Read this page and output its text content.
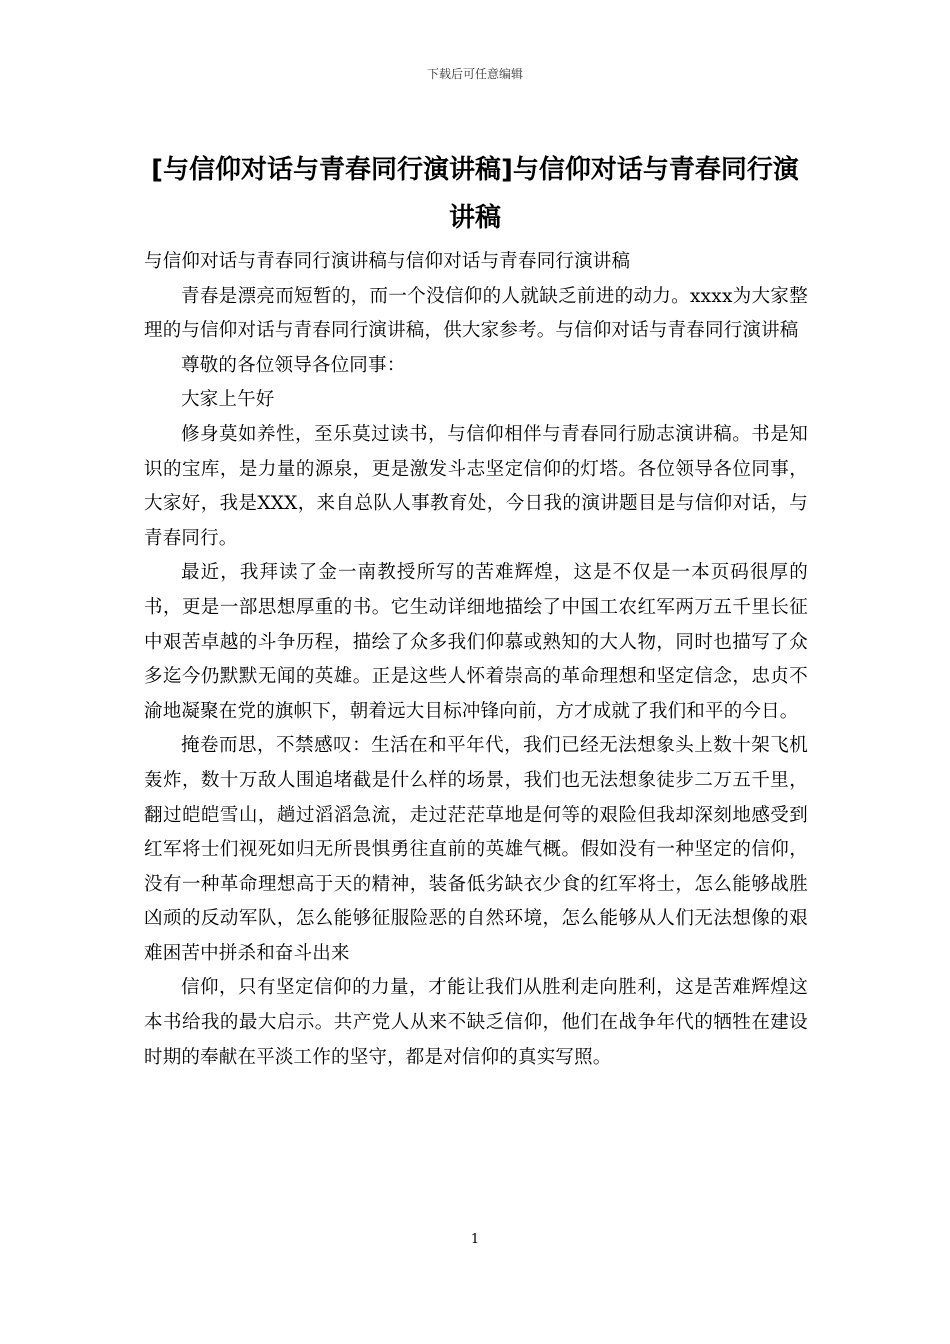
下载后可任意编辑
[与信仰对话与青春同行演讲稿]与信仰对话与青春同行演讲稿

与信仰对话与青春同行演讲稿与信仰对话与青春同行演讲稿

青春是漂亮而短暂的，而一个没信仰的人就缺乏前进的动力。xxxx为大家整理的与信仰对话与青春同行演讲稿，供大家参考。与信仰对话与青春同行演讲稿

尊敬的各位领导各位同事：

大家上午好

修身莫如养性，至乐莫过读书，与信仰相伴与青春同行励志演讲稿。书是知识的宝库，是力量的源泉，更是激发斗志坚定信仰的灯塔。各位领导各位同事，大家好，我是XXX，来自总队人事教育处，今日我的演讲题目是与信仰对话，与青春同行。

最近，我拜读了金一南教授所写的苦难辉煌，这是不仅是一本页码很厚的书，更是一部思想厚重的书。它生动详细地描绘了中国工农红军两万五千里长征中艰苦卓越的斗争历程，描绘了众多我们仰慕或熟知的大人物，同时也描写了众多迄今仍默默无闻的英雄。正是这些人怀着崇高的革命理想和坚定信念，忠贞不渝地凝聚在党的旗帜下，朝着远大目标冲锋向前，方才成就了我们和平的今日。

掩卷而思，不禁感叹：生活在和平年代，我们已经无法想象头上数十架飞机轰炸，数十万敌人围追堵截是什么样的场景，我们也无法想象徒步二万五千里，翻过皑皑雪山，趟过滔滔急流，走过茫茫草地是何等的艰险但我却深刻地感受到红军将士们视死如归无所畏惧勇往直前的英雄气概。假如没有一种坚定的信仰，没有一种革命理想高于天的精神，装备低劣缺衣少食的红军将士，怎么能够战胜凶顽的反动军队，怎么能够征服险恶的自然环境，怎么能够从人们无法想像的艰难困苦中拼杀和奋斗出来

信仰，只有坚定信仰的力量，才能让我们从胜利走向胜利，这是苦难辉煌这本书给我的最大启示。共产党人从来不缺乏信仰，他们在战争年代的牺牲在建设时期的奉献在平淡工作的坚守，都是对信仰的真实写照。

1
